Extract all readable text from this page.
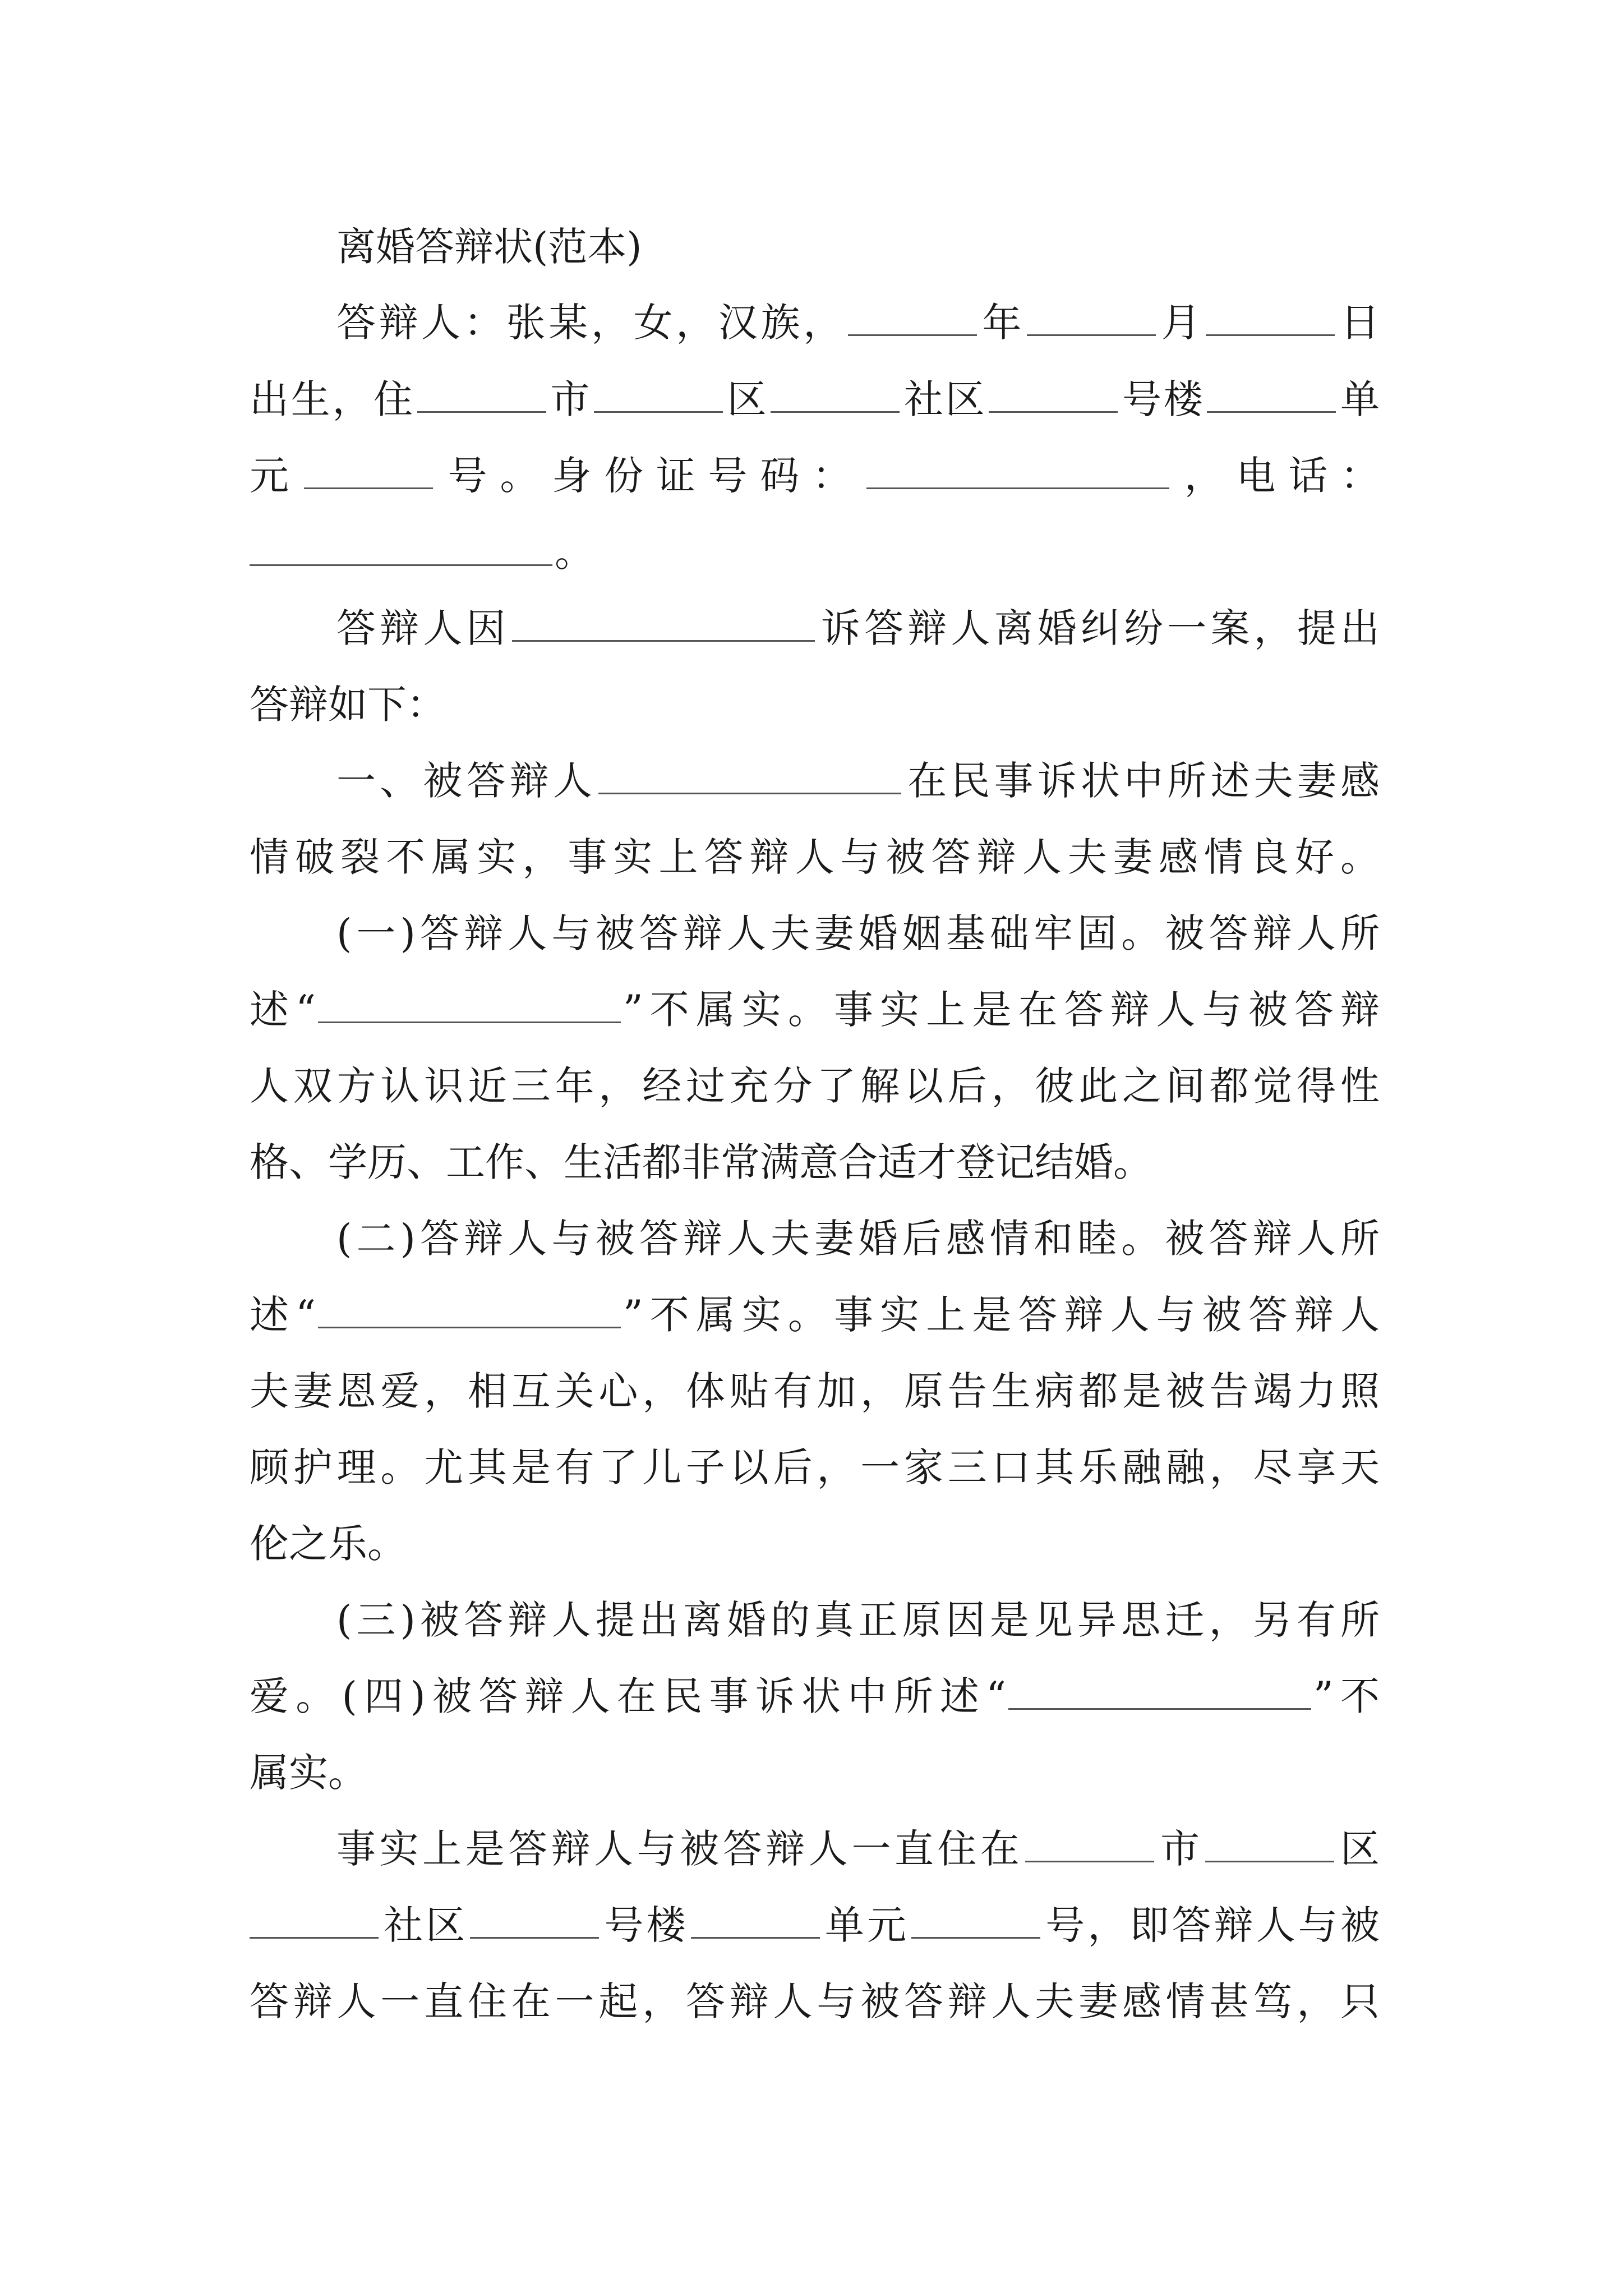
离婚答辩状(范本)
答辩人：张某，女，汉族，	年	月	日
出生，住	市	区	社区	号楼	单
元	号。身份证号码：	，电话：
。
答辩人因	诉答辩人离婚纠纷一案，提出
答辩如下：
一、被答辩人	在民事诉状中所述夫妻感
情破裂不属实，事实上答辩人与被答辩人夫妻感情良好。
(一)答辩人与被答辩人夫妻婚姻基础牢固。被答辩人所
述“	”不属实。事实上是在答辩人与被答辩
人双方认识近三年，经过充分了解以后，彼此之间都觉得性
格、学历、工作、生活都非常满意合适才登记结婚。
(二)答辩人与被答辩人夫妻婚后感情和睦。被答辩人所
述“	”不属实。事实上是答辩人与被答辩人
夫妻恩爱，相互关心，体贴有加，原告生病都是被告竭力照
顾护理。尤其是有了儿子以后，一家三口其乐融融，尽享天
伦之乐。
(三)被答辩人提出离婚的真正原因是见异思迁，另有所
爱。(四)被答辩人在民事诉状中所述“	”不
属实。
事实上是答辩人与被答辩人一直住在	市	区
社区	号楼	单元	号，即答辩人与被
答辩人一直住在一起，答辩人与被答辩人夫妻感情甚笃，只
